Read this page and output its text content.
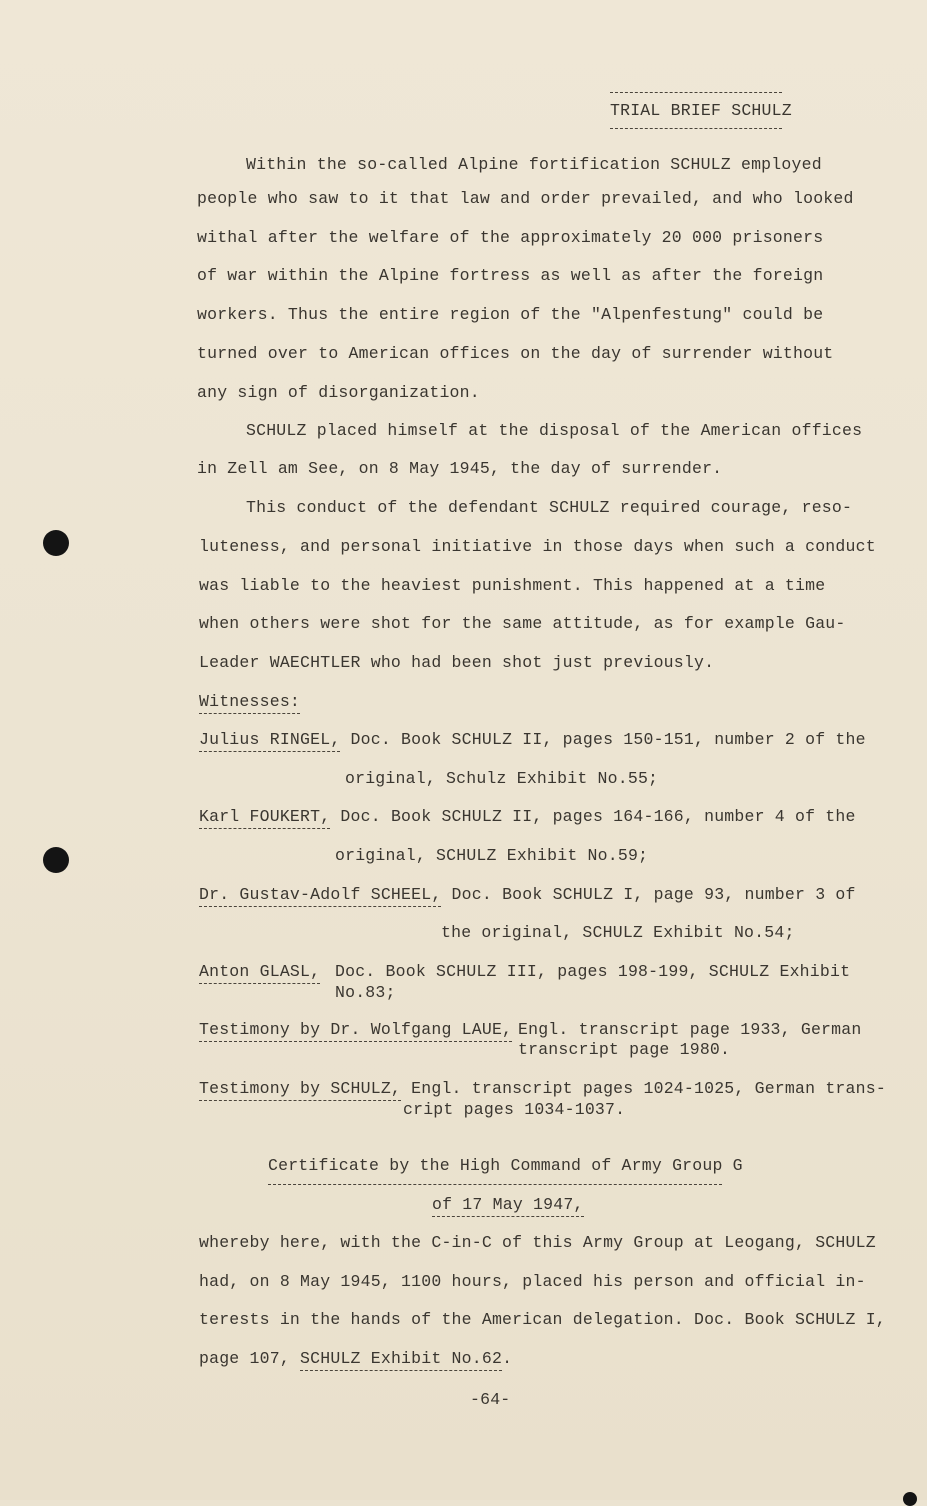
TRIAL BRIEF SCHULZ
Within the so-called Alpine fortification SCHULZ employed
people who saw to it that law and order prevailed, and who looked
withal after the welfare of the approximately 20 000 prisoners
of war within the Alpine fortress as well as after the foreign
workers. Thus the entire region of the "Alpenfestung" could be
turned over to American offices on the day of surrender without
any sign of disorganization.
SCHULZ placed himself at the disposal of the American offices
in Zell am See, on 8 May 1945, the day of surrender.
This conduct of the defendant SCHULZ required courage, reso-
luteness, and personal initiative in those days when such a conduct
was liable to the heaviest punishment. This happened at a time
when others were shot for the same attitude, as for example Gau-
Leader WAECHTLER who had been shot just previously.
Witnesses:
Julius RINGEL, Doc. Book SCHULZ II, pages 150-151, number 2 of the
original, Schulz Exhibit No.55;
Karl FOUKERT, Doc. Book SCHULZ II, pages 164-166, number 4 of the
original, SCHULZ Exhibit No.59;
Dr. Gustav-Adolf SCHEEL, Doc. Book SCHULZ I, page 93, number 3 of
the original, SCHULZ Exhibit No.54;
Anton GLASL, Doc. Book SCHULZ III, pages 198-199, SCHULZ Exhibit
No.83;
Testimony by Dr. Wolfgang LAUE, Engl. transcript page 1933, German
transcript page 1980.
Testimony by SCHULZ, Engl. transcript pages 1024-1025, German trans-
cript pages 1034-1037.
Certificate by the High Command of Army Group G
of 17 May 1947,
whereby here, with the C-in-C of this Army Group at Leogang, SCHULZ
had, on 8 May 1945, 1100 hours, placed his person and official in-
terests in the hands of the American delegation. Doc. Book SCHULZ I,
page 107, SCHULZ Exhibit No.62.
-64-
